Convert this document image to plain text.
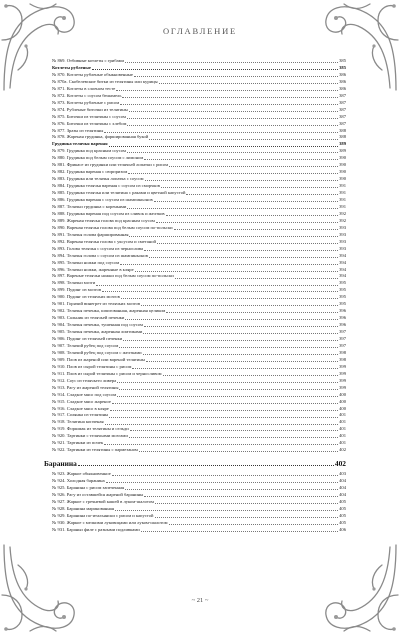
ОГЛАВЛЕНИЕ
№ 869. Отбивные котлеты с грибами	385
Котлеты рубленые	385
№ 870. Котлеты рубленые обыкновенные	386
№ 870а. Скобелевские битки из телятины или курицы	386
№ 871. Котлеты в слоеном тесте	386
№ 872. Котлеты с соусом бешамель	387
№ 873. Котлеты рубленые с рисом	387
№ 874. Рубленые биточки из телятины	387
№ 875. Биточки из телятины с соусом	387
№ 876. Биточки из телятины с хлебом	387
№ 877. Зразы из телятины	388
№ 878. Жареная грудинка, фаршированная букой	388
Грудинка телячья вареная	389
№ 879. Грудинка под красным соусом	389
№ 880. Грудинка под белым соусом с лимоном	390
№ 881. Фрикасе из грудинки или телячьей лопатки с рисом	390
№ 882. Грудинка вареная с сюрпризом	390
№ 883. Грудинка или телячья лопатка с соусом	390
№ 884. Грудинка телячья вареная с соусом из сморчков	391
№ 885. Грудинка телячья или телятина с раками и цветной капустой	391
№ 886. Грудинка вареная с соусом из шампиньонов	391
№ 887. Телячьи грудинка с кореньями	391
№ 888. Грудинка вареная под соусом из сливок и желтков	392
№ 889. Жареная телячья голова под красным соусом	392
№ 890. Вареная телячья голова под белым соусом по-польски	393
№ 891. Телячья голова фаршированная	393
№ 892. Вареная телячья голова с уксусом и сметаной	393
№ 893. Голова телячья с соусом из чернослива	393
№ 894. Телячья голова с соусом из шампиньонов	394
№ 895. Телячьи ножки под соусом	394
№ 896. Телячьи ножки, жаренные в кляре	394
№ 897. Вареные телячьи ножки под белым соусом по-польски	394
№ 898. Телячьи мозги	395
№ 899. Пудинг из мозгов	395
№ 900. Пудинг из телячьих мозгов	395
№ 901. Горячий винегрет из телячьих мозгов	395
№ 902. Телячья печенка, шпигованная, жаренная целиком	396
№ 903. Сальник из телячьей печенки	396
№ 904. Телячья печенка, тушенная под соусом	396
№ 905. Телячья печенка, жаренная ломтиками	397
№ 906. Пудинг из телячьей печенки	397
№ 907. Телячий рубец под соусом	397
№ 908. Телячий рубец под соусом с желтками	398
№ 909. Плов из жареной или вареной телятины	398
№ 910. Плов из сырой телятины с рисом	399
№ 911. Плов из сырой телятины с рисом и черносливом	399
№ 912. Соус из телячьего ливера	399
№ 913. Рагу из жареной телятины	399
№ 914. Сладкое мясо под соусом	400
№ 915. Сладкое мясо жареное	400
№ 916. Сладкое мясо в кляре	400
№ 917. Солянка из телятины	401
№ 918. Телятина копченая	401
№ 919. Форшмак из телятины и сельди	401
№ 920. Тартинки с телячьими мозгами	401
№ 921. Тартинки из почек	401
№ 922. Тартинки из телятины с пармезаном	402
Баранина	402
№ 923. Жаркое обыкновенное	403
№ 924. Холодная баранина	404
№ 925. Баранина с рисом запеченная	404
№ 926. Рагу из оставшейся жареной баранины	404
№ 927. Жаркое с гречневой кашей в луком-шалотом	405
№ 928. Баранина маринованная	405
№ 929. Баранина по-итальянски с рисом и капустой	405
№ 930. Жаркое с мелкими луковицами или луком-шалотом	405
№ 931. Бараньи филе с разными подливками	406
~ 21 ~
